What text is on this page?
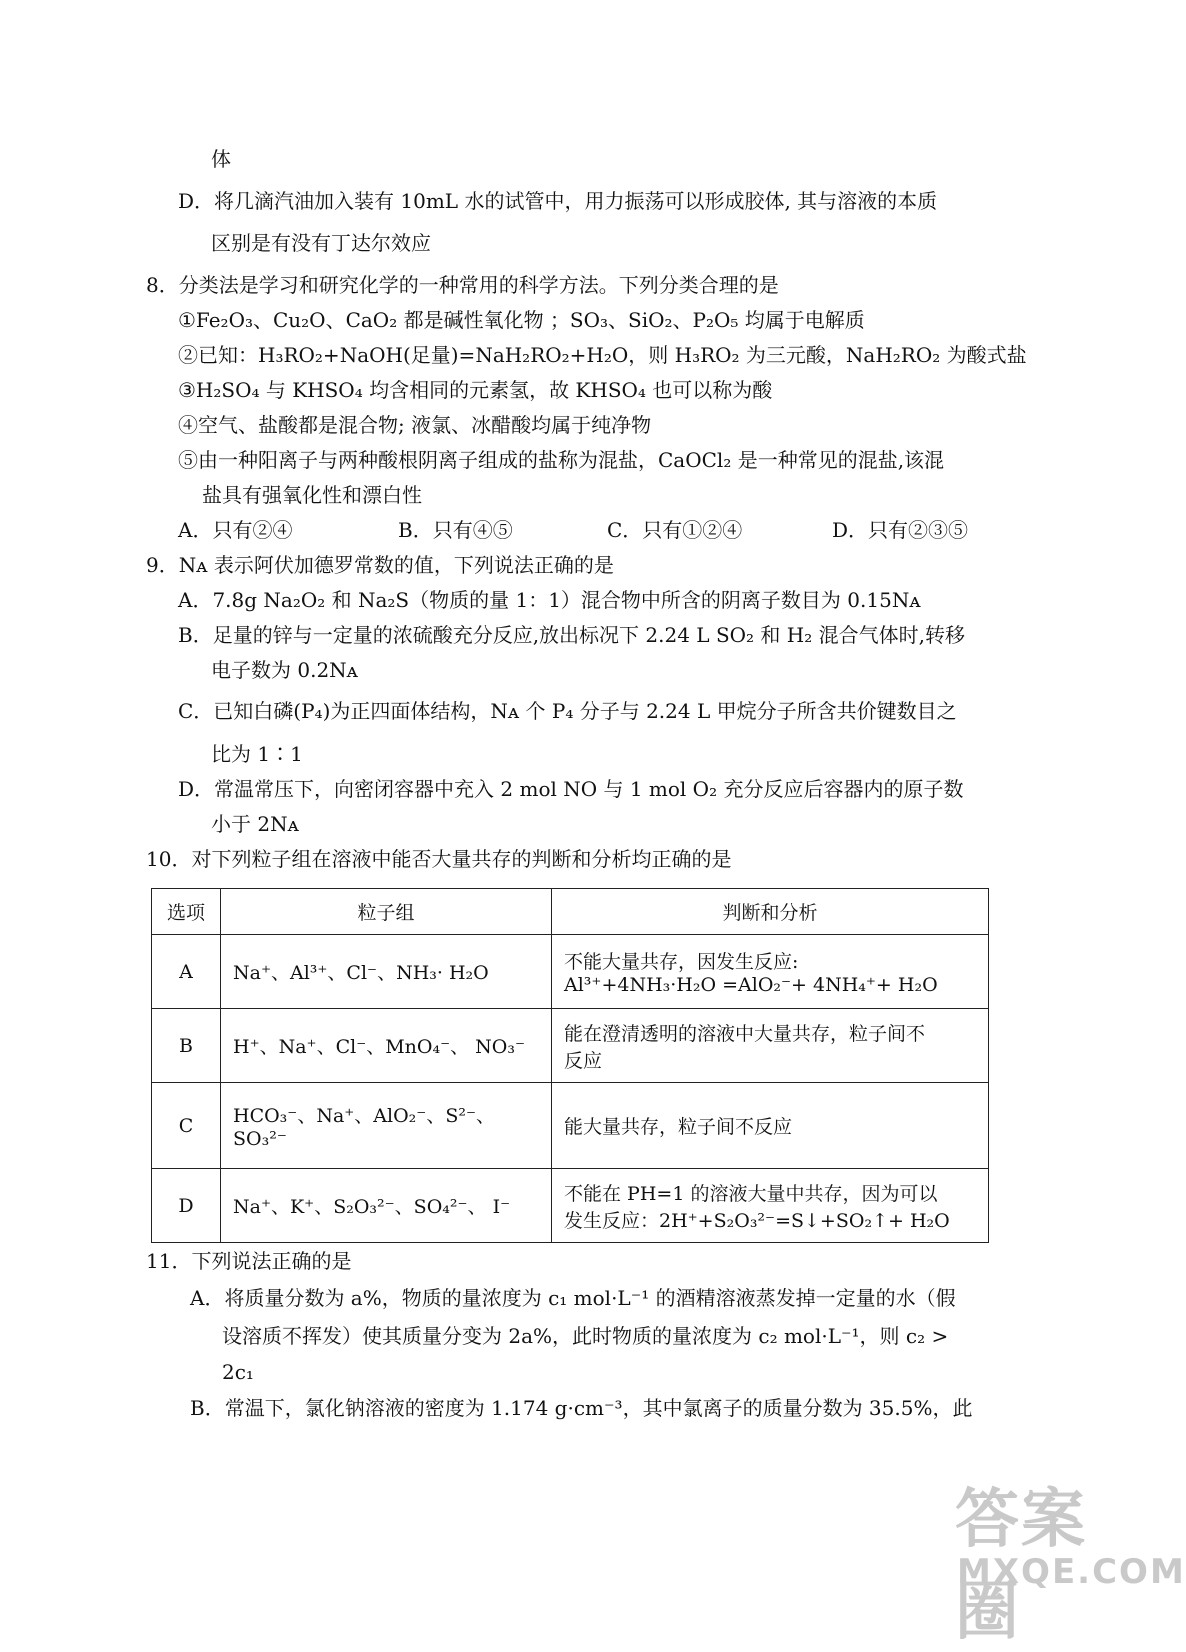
体
D．将几滴汽油加入装有 10mL 水的试管中，用力振荡可以形成胶体, 其与溶液的本质
区别是有没有丁达尔效应
8．分类法是学习和研究化学的一种常用的科学方法。下列分类合理的是
①Fe₂O₃、Cu₂O、CaO₂ 都是碱性氧化物 ；SO₃、SiO₂、P₂O₅ 均属于电解质
②已知：H₃RO₂+NaOH(足量)=NaH₂RO₂+H₂O，则 H₃RO₂ 为三元酸，NaH₂RO₂ 为酸式盐
③H₂SO₄ 与 KHSO₄ 均含相同的元素氢，故 KHSO₄ 也可以称为酸
④空气、盐酸都是混合物; 液氯、冰醋酸均属于纯净物
⑤由一种阳离子与两种酸根阴离子组成的盐称为混盐，CaOCl₂ 是一种常见的混盐,该混
盐具有强氧化性和漂白性
A．只有②④	B．只有④⑤	C．只有①②④	D．只有②③⑤
9．Nᴀ 表示阿伏加德罗常数的值，下列说法正确的是
A．7.8g Na₂O₂ 和 Na₂S（物质的量 1：1）混合物中所含的阴离子数目为 0.15Nᴀ
B．足量的锌与一定量的浓硫酸充分反应,放出标况下 2.24 L SO₂ 和 H₂ 混合气体时,转移
电子数为 0.2Nᴀ
C．已知白磷(P₄)为正四面体结构，Nᴀ 个 P₄ 分子与 2.24 L 甲烷分子所含共价键数目之
比为 1∶1
D．常温常压下，向密闭容器中充入 2 mol NO 与 1 mol O₂ 充分反应后容器内的原子数
小于 2Nᴀ
10．对下列粒子组在溶液中能否大量共存的判断和分析均正确的是
选项	粒子组	判断和分析
A	Na⁺、Al³⁺、Cl⁻、NH₃· H₂O	不能大量共存，因发生反应:
Al³⁺+4NH₃·H₂O =AlO₂⁻+ 4NH₄⁺+ H₂O

B	H⁺、Na⁺、Cl⁻、MnO₄⁻、 NO₃⁻	能在澄清透明的溶液中大量共存，粒子间不
反应

C	HCO₃⁻、Na⁺、AlO₂⁻、S²⁻、SO₃²⁻	能大量共存，粒子间不反应

D	Na⁺、K⁺、S₂O₃²⁻、SO₄²⁻、 I⁻	不能在 PH=1 的溶液大量中共存，因为可以
发生反应：2H⁺+S₂O₃²⁻=S↓+SO₂↑+ H₂O
11．下列说法正确的是
A．将质量分数为 a%，物质的量浓度为 c₁ mol·L⁻¹ 的酒精溶液蒸发掉一定量的水（假
设溶质不挥发）使其质量分变为 2a%，此时物质的量浓度为 c₂ mol·L⁻¹，则 c₂ >
2c₁
B．常温下，氯化钠溶液的密度为 1.174 g·cm⁻³，其中氯离子的质量分数为 35.5%，此
答案圈
MXQE.COM
